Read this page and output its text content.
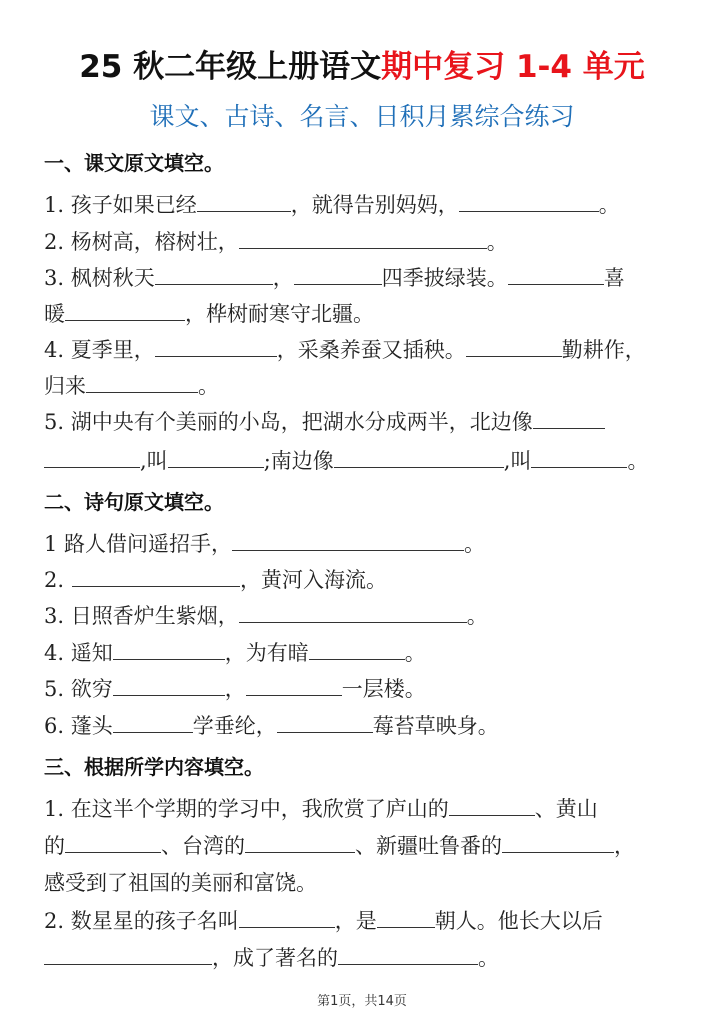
25 秋二年级上册语文期中复习 1-4 单元
课文、古诗、名言、日积月累综合练习
一、课文原文填空。
1. 孩子如果已经	，就得告别妈妈，	。
2. 杨树高，榕树壮，	。
3. 枫树秋天	，	四季披绿装。	喜
暖	，桦树耐寒守北疆。
4. 夏季里，	，采桑养蚕又插秧。	勤耕作，
归来	。
5. 湖中央有个美丽的小岛，把湖水分成两半，北边像
,叫	;南边像	,叫	。
二、诗句原文填空。
1 路人借问遥招手，	。
2.	，黄河入海流。
3. 日照香炉生紫烟，	。
4. 遥知	，为有暗	。
5. 欲穷	，	一层楼。
6. 蓬头	学垂纶，	莓苔草映身。
三、根据所学内容填空。
1. 在这半个学期的学习中，我欣赏了庐山的	、黄山
的	、台湾的	、新疆吐鲁番的	，
感受到了祖国的美丽和富饶。
2. 数星星的孩子名叫	，是	朝人。他长大以后
，成了著名的	。
第1页，共14页
